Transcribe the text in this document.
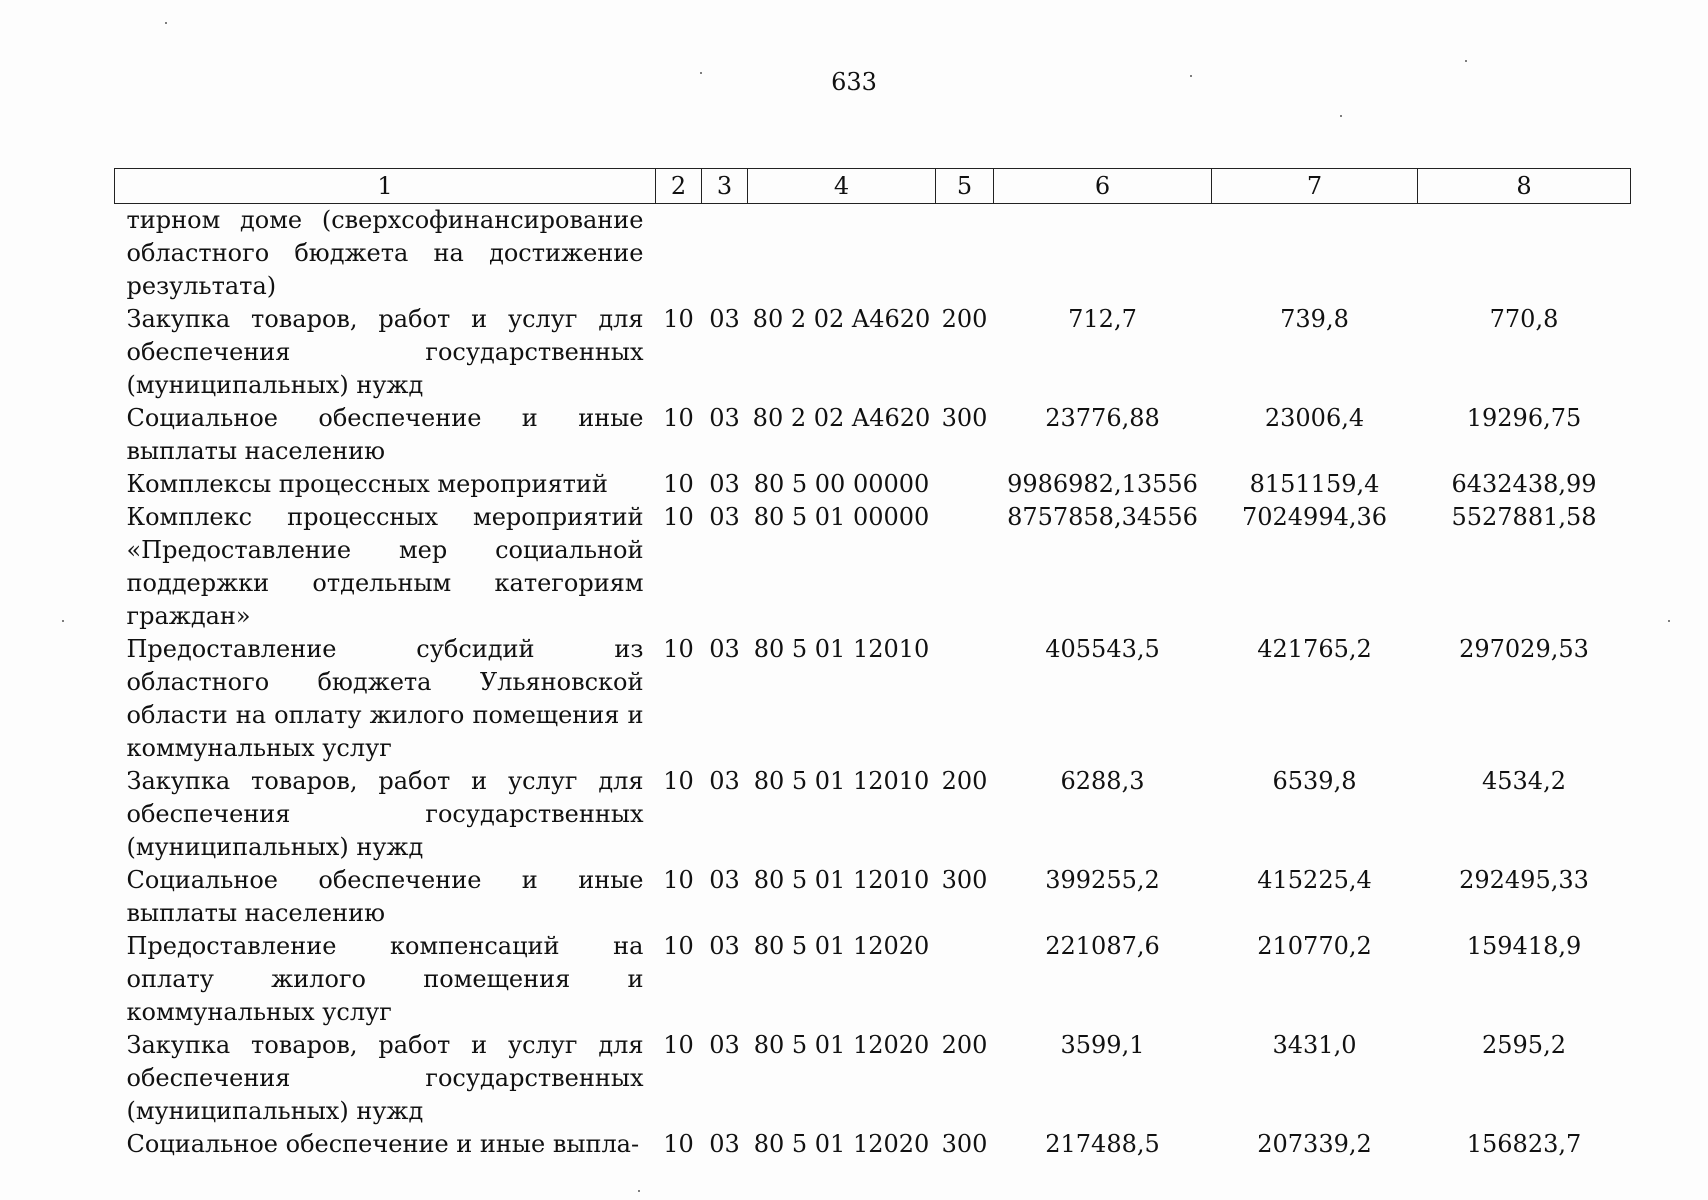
633
1	2	3	4	5	6	7	8
тирном доме (сверхсофинансирование областного бюджета на достижение результата)							
Закупка товаров, работ и услуг для обеспечения государственных (муниципальных) нужд	10	03	80 2 02 A4620	200	712,7	739,8	770,8
Социальное обеспечение и иные выплаты населению	10	03	80 2 02 A4620	300	23776,88	23006,4	19296,75
Комплексы процессных мероприятий	10	03	80 5 00 00000		9986982,13556	8151159,4	6432438,99
Комплекс процессных мероприятий «Предоставление мер социальной поддержки отдельным категориям граждан»	10	03	80 5 01 00000		8757858,34556	7024994,36	5527881,58
Предоставление субсидий из областного бюджета Ульяновской области на оплату жилого помещения и коммунальных услуг	10	03	80 5 01 12010		405543,5	421765,2	297029,53
Закупка товаров, работ и услуг для обеспечения государственных (муниципальных) нужд	10	03	80 5 01 12010	200	6288,3	6539,8	4534,2
Социальное обеспечение и иные выплаты населению	10	03	80 5 01 12010	300	399255,2	415225,4	292495,33
Предоставление компенсаций на оплату жилого помещения и коммунальных услуг	10	03	80 5 01 12020		221087,6	210770,2	159418,9
Закупка товаров, работ и услуг для обеспечения государственных (муниципальных) нужд	10	03	80 5 01 12020	200	3599,1	3431,0	2595,2
Социальное обеспечение и иные выпла-	10	03	80 5 01 12020	300	217488,5	207339,2	156823,7
